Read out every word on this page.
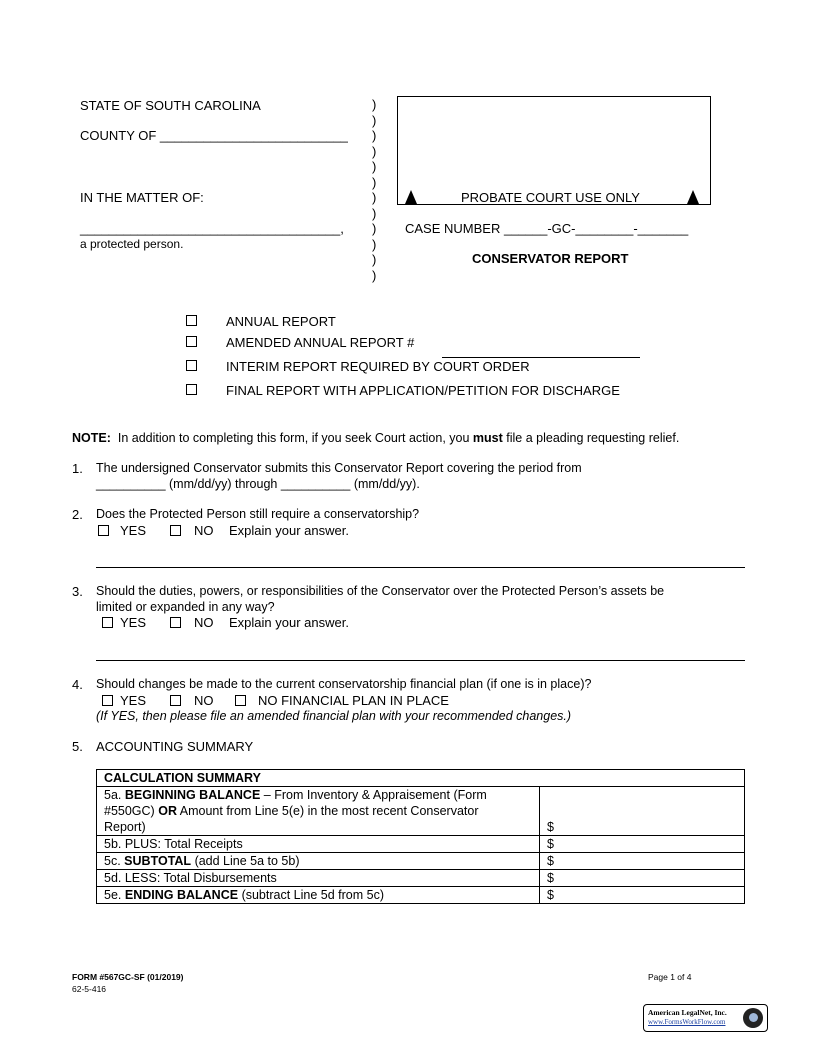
STATE OF SOUTH CAROLINA
COUNTY OF __________________________
IN THE MATTER OF:
____________________________________,
a protected person.
)
)
)
)
)
)
)
)
)
)
)
)
PROBATE COURT USE ONLY
CASE NUMBER ______-GC-________-_______
CONSERVATOR REPORT
ANNUAL REPORT
AMENDED ANNUAL REPORT #
INTERIM REPORT REQUIRED BY COURT ORDER
FINAL REPORT WITH APPLICATION/PETITION FOR DISCHARGE
NOTE: In addition to completing this form, if you seek Court action, you must file a pleading requesting relief.
1. The undersigned Conservator submits this Conservator Report covering the period from
__________ (mm/dd/yy) through __________ (mm/dd/yy).
2. Does the Protected Person still require a conservatorship?
YES	NO Explain your answer.
3. Should the duties, powers, or responsibilities of the Conservator over the Protected Person’s assets be
limited or expanded in any way?
YES	NO Explain your answer.
4. Should changes be made to the current conservatorship financial plan (if one is in place)?
YES	NO	NO FINANCIAL PLAN IN PLACE
(If YES, then please file an amended financial plan with your recommended changes.)
5. ACCOUNTING SUMMARY
CALCULATION SUMMARY	
5a. BEGINNING BALANCE – From Inventory & Appraisement (Form
#550GC) OR Amount from Line 5(e) in the most recent Conservator
Report)	$
5b. PLUS: Total Receipts	$
5c. SUBTOTAL (add Line 5a to 5b)	$
5d. LESS: Total Disbursements	$
5e. ENDING BALANCE (subtract Line 5d from 5c)	$
FORM #567GC-SF (01/2019)
62-5-416
Page 1 of 4
American LegalNet, Inc.
www.FormsWorkFlow.com
